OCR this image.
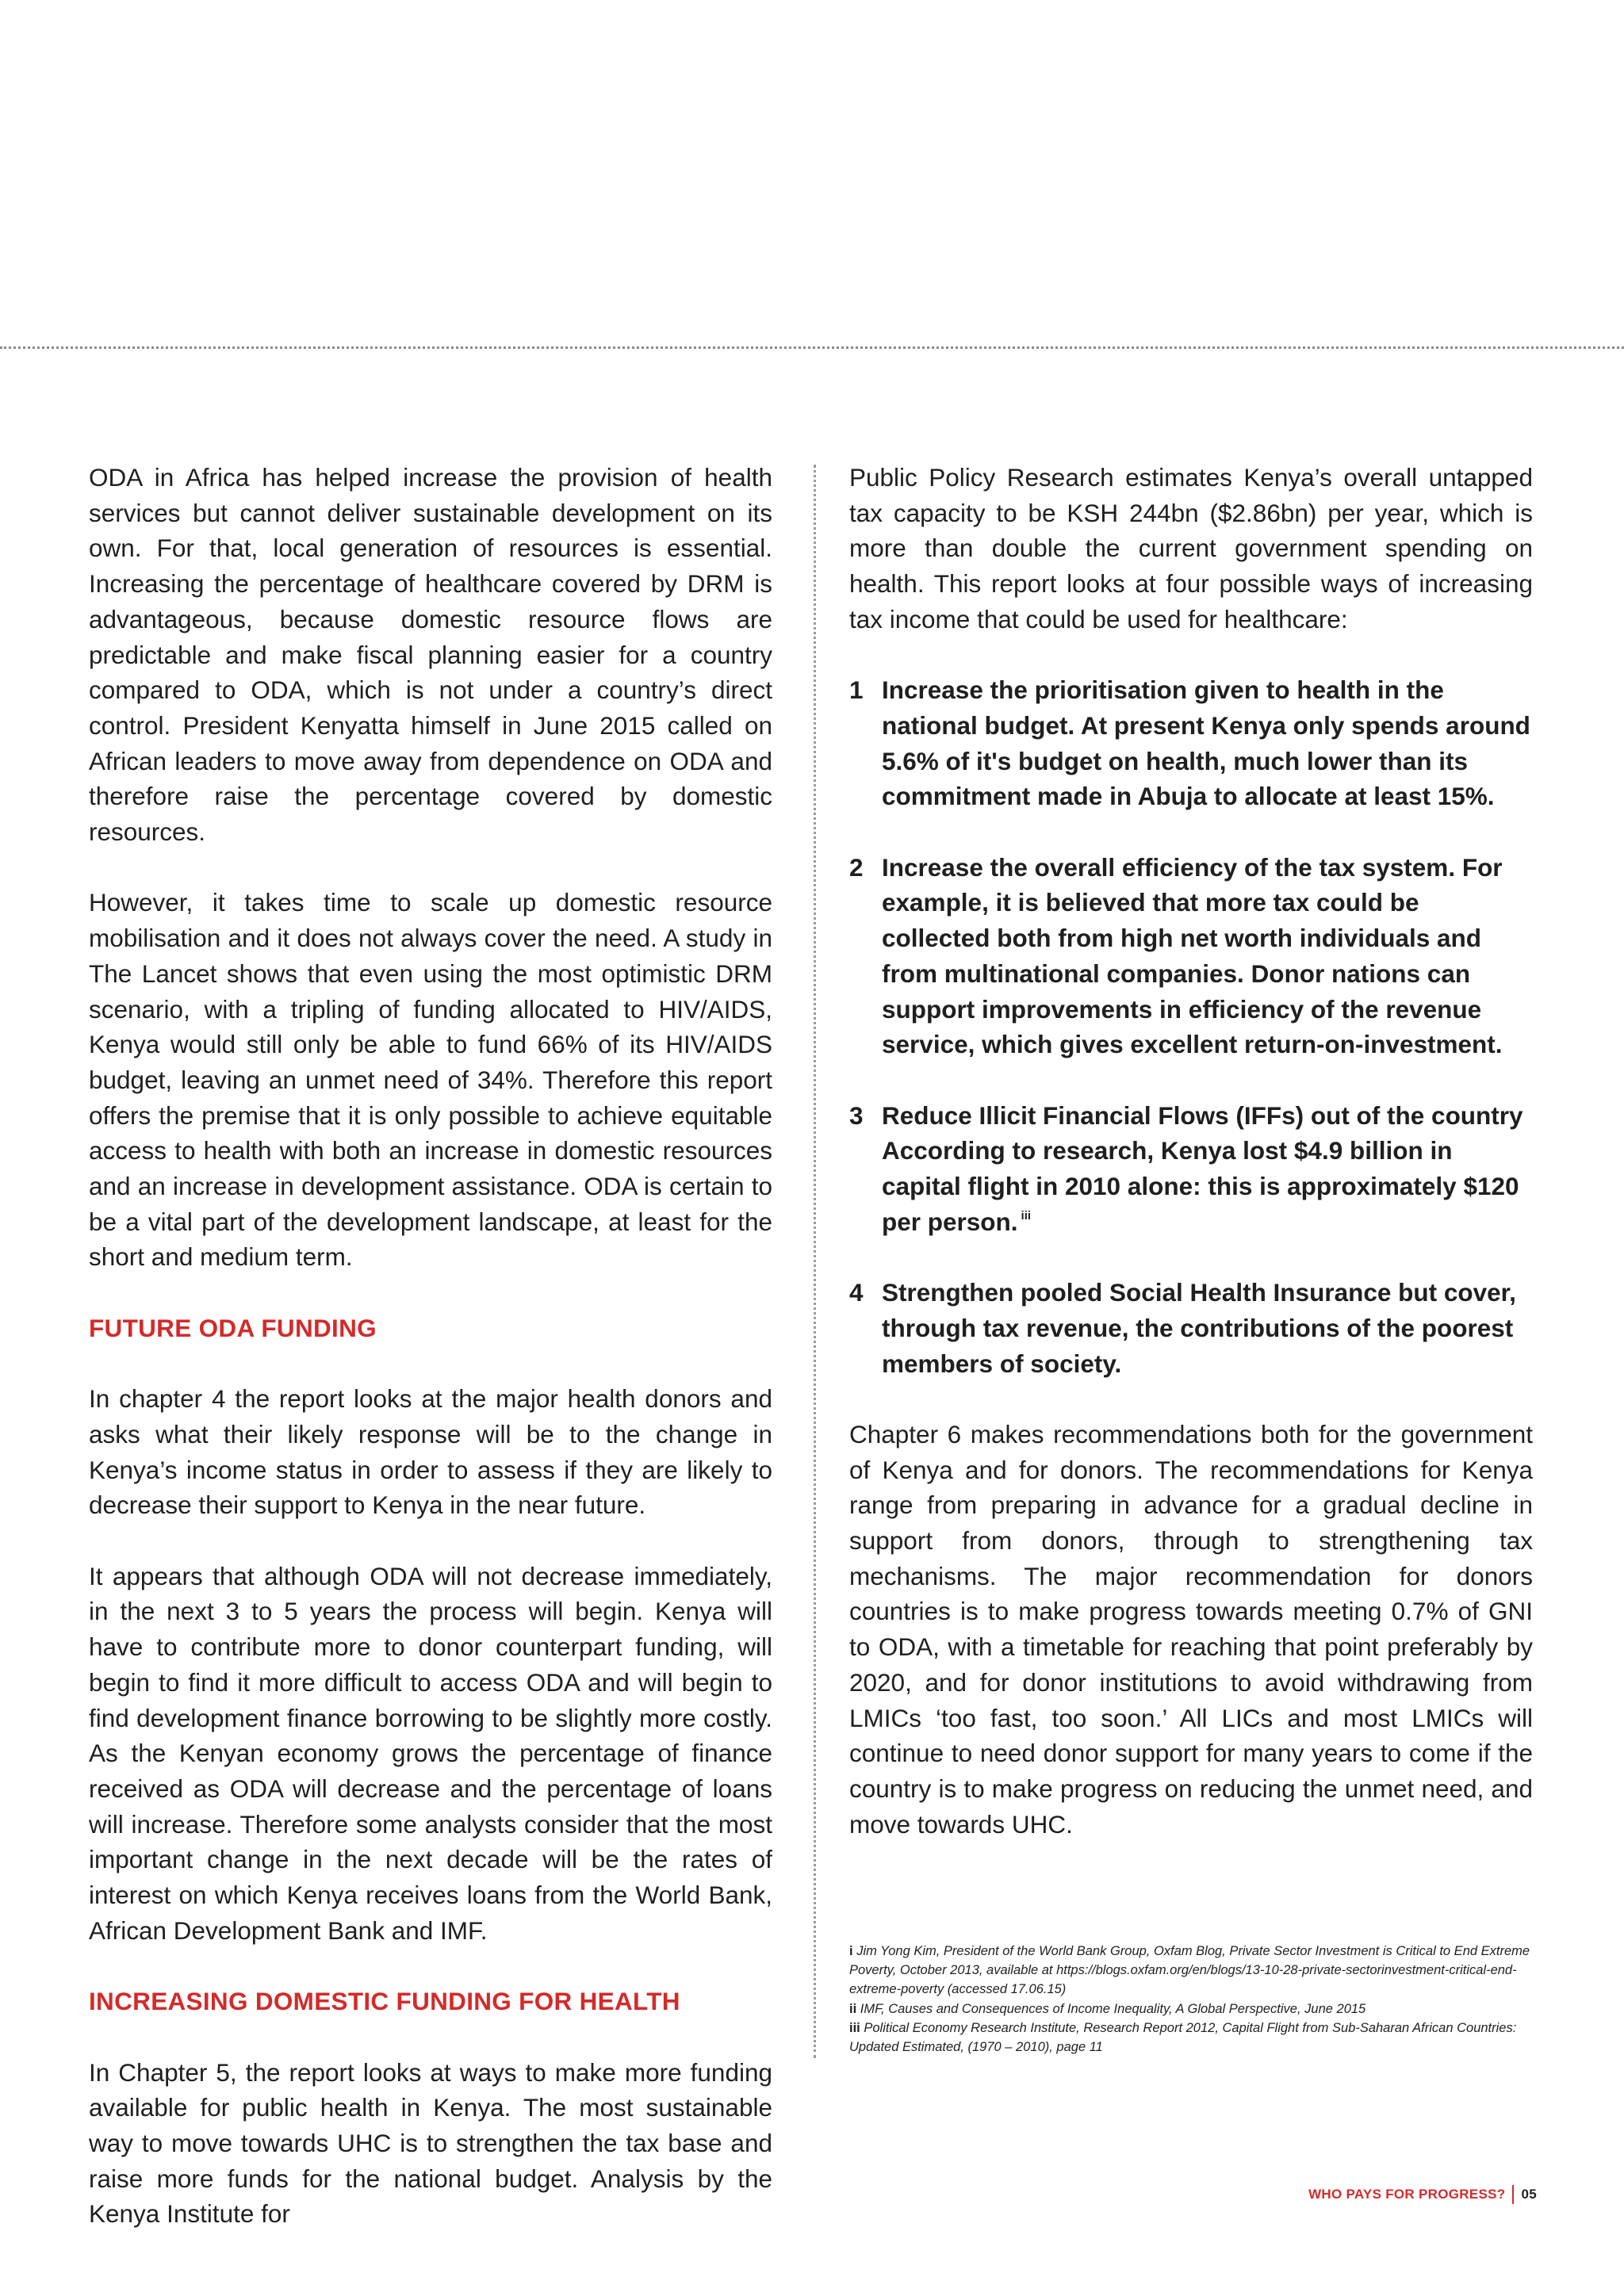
ODA in Africa has helped increase the provision of health services but cannot deliver sustainable development on its own. For that, local generation of resources is essential. Increasing the percentage of healthcare covered by DRM is advantageous, because domestic resource flows are predictable and make fiscal planning easier for a country compared to ODA, which is not under a country’s direct control. President Kenyatta himself in June 2015 called on African leaders to move away from dependence on ODA and therefore raise the percentage covered by domestic resources.

However, it takes time to scale up domestic resource mobilisation and it does not always cover the need. A study in The Lancet shows that even using the most optimistic DRM scenario, with a tripling of funding allocated to HIV/AIDS, Kenya would still only be able to fund 66% of its HIV/AIDS budget, leaving an unmet need of 34%. Therefore this report offers the premise that it is only possible to achieve equitable access to health with both an increase in domestic resources and an increase in development assistance. ODA is certain to be a vital part of the development landscape, at least for the short and medium term.

FUTURE ODA FUNDING

In chapter 4 the report looks at the major health donors and asks what their likely response will be to the change in Kenya’s income status in order to assess if they are likely to decrease their support to Kenya in the near future.

It appears that although ODA will not decrease immediately, in the next 3 to 5 years the process will begin. Kenya will have to contribute more to donor counterpart funding, will begin to find it more difficult to access ODA and will begin to find development finance borrowing to be slightly more costly. As the Kenyan economy grows the percentage of finance received as ODA will decrease and the percentage of loans will increase. Therefore some analysts consider that the most important change in the next decade will be the rates of interest on which Kenya receives loans from the World Bank, African Development Bank and IMF.

INCREASING DOMESTIC FUNDING FOR HEALTH

In Chapter 5, the report looks at ways to make more funding available for public health in Kenya. The most sustainable way to move towards UHC is to strengthen the tax base and raise more funds for the national budget. Analysis by the Kenya Institute for

Public Policy Research estimates Kenya’s overall untapped tax capacity to be KSH 244bn ($2.86bn) per year, which is more than double the current government spending on health. This report looks at four possible ways of increasing tax income that could be used for healthcare:

1 Increase the prioritisation given to health in the national budget. At present Kenya only spends around 5.6% of it's budget on health, much lower than its commitment made in Abuja to allocate at least 15%.
2 Increase the overall efficiency of the tax system. For example, it is believed that more tax could be collected both from high net worth individuals and from multinational companies. Donor nations can support improvements in efficiency of the revenue service, which gives excellent return-on-investment.
3 Reduce Illicit Financial Flows (IFFs) out of the country According to research, Kenya lost $4.9 billion in capital flight in 2010 alone: this is approximately $120 per person. $^{iii}$
4 Strengthen pooled Social Health Insurance but cover, through tax revenue, the contributions of the poorest members of society.

Chapter 6 makes recommendations both for the government of Kenya and for donors. The recommendations for Kenya range from preparing in advance for a gradual decline in support from donors, through to strengthening tax mechanisms. The major recommendation for donors countries is to make progress towards meeting 0.7% of GNI to ODA, with a timetable for reaching that point preferably by 2020, and for donor institutions to avoid withdrawing from LMICs ‘too fast, too soon.’ All LICs and most LMICs will continue to need donor support for many years to come if the country is to make progress on reducing the unmet need, and move towards UHC.

i Jim Yong Kim, President of the World Bank Group, Oxfam Blog, Private Sector Investment is Critical to End Extreme Poverty, October 2013, available at https://blogs.oxfam.org/en/blogs/13-10-28-private-sectorinvestment-critical-end-extreme-poverty (accessed 17.06.15)
ii IMF, Causes and Consequences of Income Inequality, A Global Perspective, June 2015
iii Political Economy Research Institute, Research Report 2012, Capital Flight from Sub-Saharan African Countries: Updated Estimated, (1970 – 2010), page 11
WHO PAYS FOR PROGRESS? 05
